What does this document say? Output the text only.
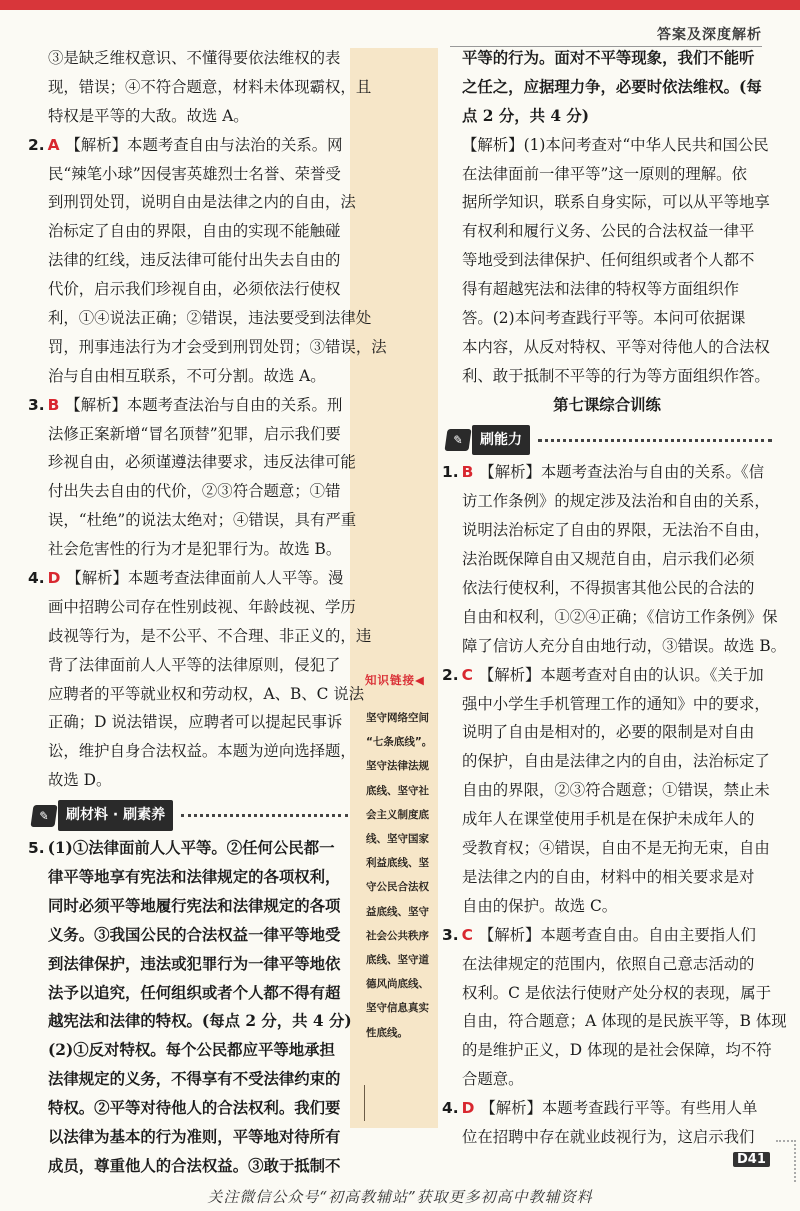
答案及深度解析
知识链接◀
坚守网络空间
“七条底线”。
坚守法律法规
底线、坚守社
会主义制度底
线、坚守国家
利益底线、坚
守公民合法权
益底线、坚守
社会公共秩序
底线、坚守道
德风尚底线、
坚守信息真实
性底线。
③是缺乏维权意识、不懂得要依法维权的表
现，错误；④不符合题意，材料未体现霸权，且
特权是平等的大敌。故选 A。
2. A 【解析】本题考查自由与法治的关系。网
民“辣笔小球”因侵害英雄烈士名誉、荣誉受
到刑罚处罚，说明自由是法律之内的自由，法
治标定了自由的界限，自由的实现不能触碰
法律的红线，违反法律可能付出失去自由的
代价，启示我们珍视自由，必须依法行使权
利，①④说法正确；②错误，违法要受到法律处
罚，刑事违法行为才会受到刑罚处罚；③错误，法
治与自由相互联系，不可分割。故选 A。
3. B 【解析】本题考查法治与自由的关系。刑
法修正案新增“冒名顶替”犯罪，启示我们要
珍视自由，必须谨遵法律要求，违反法律可能
付出失去自由的代价，②③符合题意；①错
误，“杜绝”的说法太绝对；④错误，具有严重
社会危害性的行为才是犯罪行为。故选 B。
4. D 【解析】本题考查法律面前人人平等。漫
画中招聘公司存在性别歧视、年龄歧视、学历
歧视等行为，是不公平、不合理、非正义的，违
背了法律面前人人平等的法律原则，侵犯了
应聘者的平等就业权和劳动权，A、B、C 说法
正确；D 说法错误，应聘者可以提起民事诉
讼，维护自身合法权益。本题为逆向选择题，
故选 D。
✎	刷材料 · 刷素养
5. (1)①法律面前人人平等。②任何公民都一
律平等地享有宪法和法律规定的各项权利，
同时必须平等地履行宪法和法律规定的各项
义务。③我国公民的合法权益一律平等地受
到法律保护，违法或犯罪行为一律平等地依
法予以追究，任何组织或者个人都不得有超
越宪法和法律的特权。(每点 2 分，共 4 分)
(2)①反对特权。每个公民都应平等地承担
法律规定的义务，不得享有不受法律约束的
特权。②平等对待他人的合法权利。我们要
以法律为基本的行为准则，平等地对待所有
成员，尊重他人的合法权益。③敢于抵制不
平等的行为。面对不平等现象，我们不能听
之任之，应据理力争，必要时依法维权。(每
点 2 分，共 4 分)
【解析】(1)本问考查对“中华人民共和国公民
在法律面前一律平等”这一原则的理解。依
据所学知识，联系自身实际，可以从平等地享
有权利和履行义务、公民的合法权益一律平
等地受到法律保护、任何组织或者个人都不
得有超越宪法和法律的特权等方面组织作
答。(2)本问考查践行平等。本问可依据课
本内容，从反对特权、平等对待他人的合法权
利、敢于抵制不平等的行为等方面组织作答。
第七课综合训练
✎	刷能力
1. B 【解析】本题考查法治与自由的关系。《信
访工作条例》的规定涉及法治和自由的关系，
说明法治标定了自由的界限，无法治不自由，
法治既保障自由又规范自由，启示我们必须
依法行使权利，不得损害其他公民的合法的
自由和权利，①②④正确；《信访工作条例》保
障了信访人充分自由地行动，③错误。故选 B。
2. C 【解析】本题考查对自由的认识。《关于加
强中小学生手机管理工作的通知》中的要求，
说明了自由是相对的，必要的限制是对自由
的保护，自由是法律之内的自由，法治标定了
自由的界限，②③符合题意；①错误，禁止未
成年人在课堂使用手机是在保护未成年人的
受教育权；④错误，自由不是无拘无束，自由
是法律之内的自由，材料中的相关要求是对
自由的保护。故选 C。
3. C 【解析】本题考查自由。自由主要指人们
在法律规定的范围内，依照自己意志活动的
权利。C 是依法行使财产处分权的表现，属于
自由，符合题意；A 体现的是民族平等，B 体现
的是维护正义，D 体现的是社会保障，均不符
合题意。
4. D 【解析】本题考查践行平等。有些用人单
位在招聘中存在就业歧视行为，这启示我们
D41
关注微信公众号“初高教辅站”获取更多初高中教辅资料
